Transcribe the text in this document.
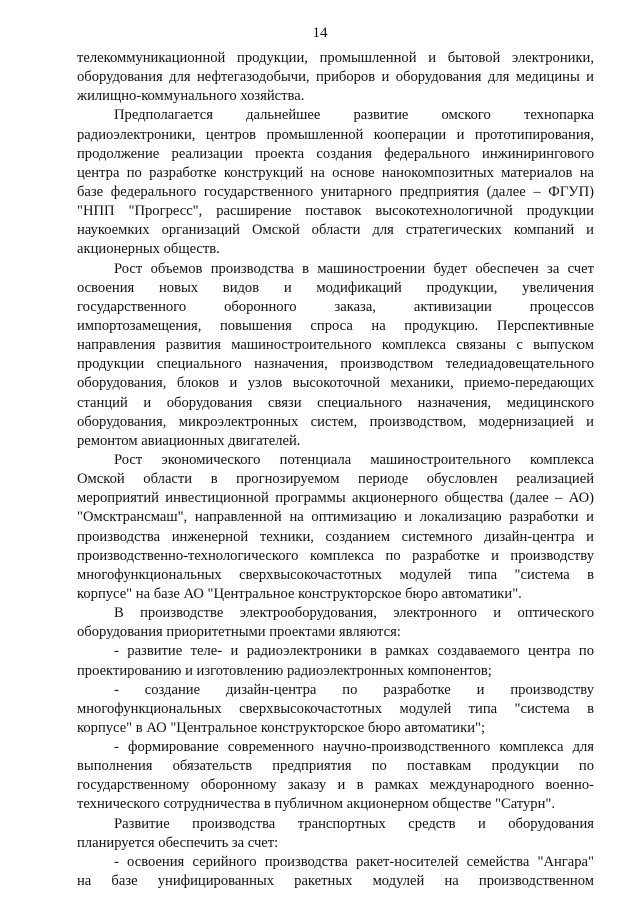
14
телекоммуникационной продукции, промышленной и бытовой электроники,
оборудования для нефтегазодобычи, приборов и оборудования для медицины и
жилищно-коммунального хозяйства.
Предполагается дальнейшее развитие омского технопарка
радиоэлектроники, центров промышленной кооперации и прототипирования,
продолжение реализации проекта создания федерального инжинирингового
центра по разработке конструкций на основе нанокомпозитных материалов на
базе федерального государственного унитарного предприятия (далее – ФГУП)
"НПП "Прогресс", расширение поставок высокотехнологичной продукции
наукоемких организаций Омской области для стратегических компаний и
акционерных обществ.
Рост объемов производства в машиностроении будет обеспечен за счет
освоения новых видов и модификаций продукции, увеличения
государственного оборонного заказа, активизации процессов
импортозамещения, повышения спроса на продукцию. Перспективные
направления развития машиностроительного комплекса связаны с выпуском
продукции специального назначения, производством теледиадовещательного
оборудования, блоков и узлов высокоточной механики, приемо-передающих
станций и оборудования связи специального назначения, медицинского
оборудования, микроэлектронных систем, производством, модернизацией и
ремонтом авиационных двигателей.
Рост экономического потенциала машиностроительного комплекса
Омской области в прогнозируемом периоде обусловлен реализацией
мероприятий инвестиционной программы акционерного общества (далее – АО)
"Омсктрансмаш", направленной на оптимизацию и локализацию разработки и
производства инженерной техники, созданием системного дизайн-центра и
производственно-технологического комплекса по разработке и производству
многофункциональных сверхвысокочастотных модулей типа "система в
корпусе" на базе АО "Центральное конструкторское бюро автоматики".
В производстве электрооборудования, электронного и оптического
оборудования приоритетными проектами являются:
- развитие теле- и радиоэлектроники в рамках создаваемого центра по
проектированию и изготовлению радиоэлектронных компонентов;
- создание дизайн-центра по разработке и производству
многофункциональных сверхвысокочастотных модулей типа "система в
корпусе" в АО "Центральное конструкторское бюро автоматики";
- формирование современного научно-производственного комплекса для
выполнения обязательств предприятия по поставкам продукции по
государственному оборонному заказу и в рамках международного военно-
технического сотрудничества в публичном акционерном обществе "Сатурн".
Развитие производства транспортных средств и оборудования
планируется обеспечить за счет:
- освоения серийного производства ракет-носителей семейства "Ангара"
на базе унифицированных ракетных модулей на производственном
